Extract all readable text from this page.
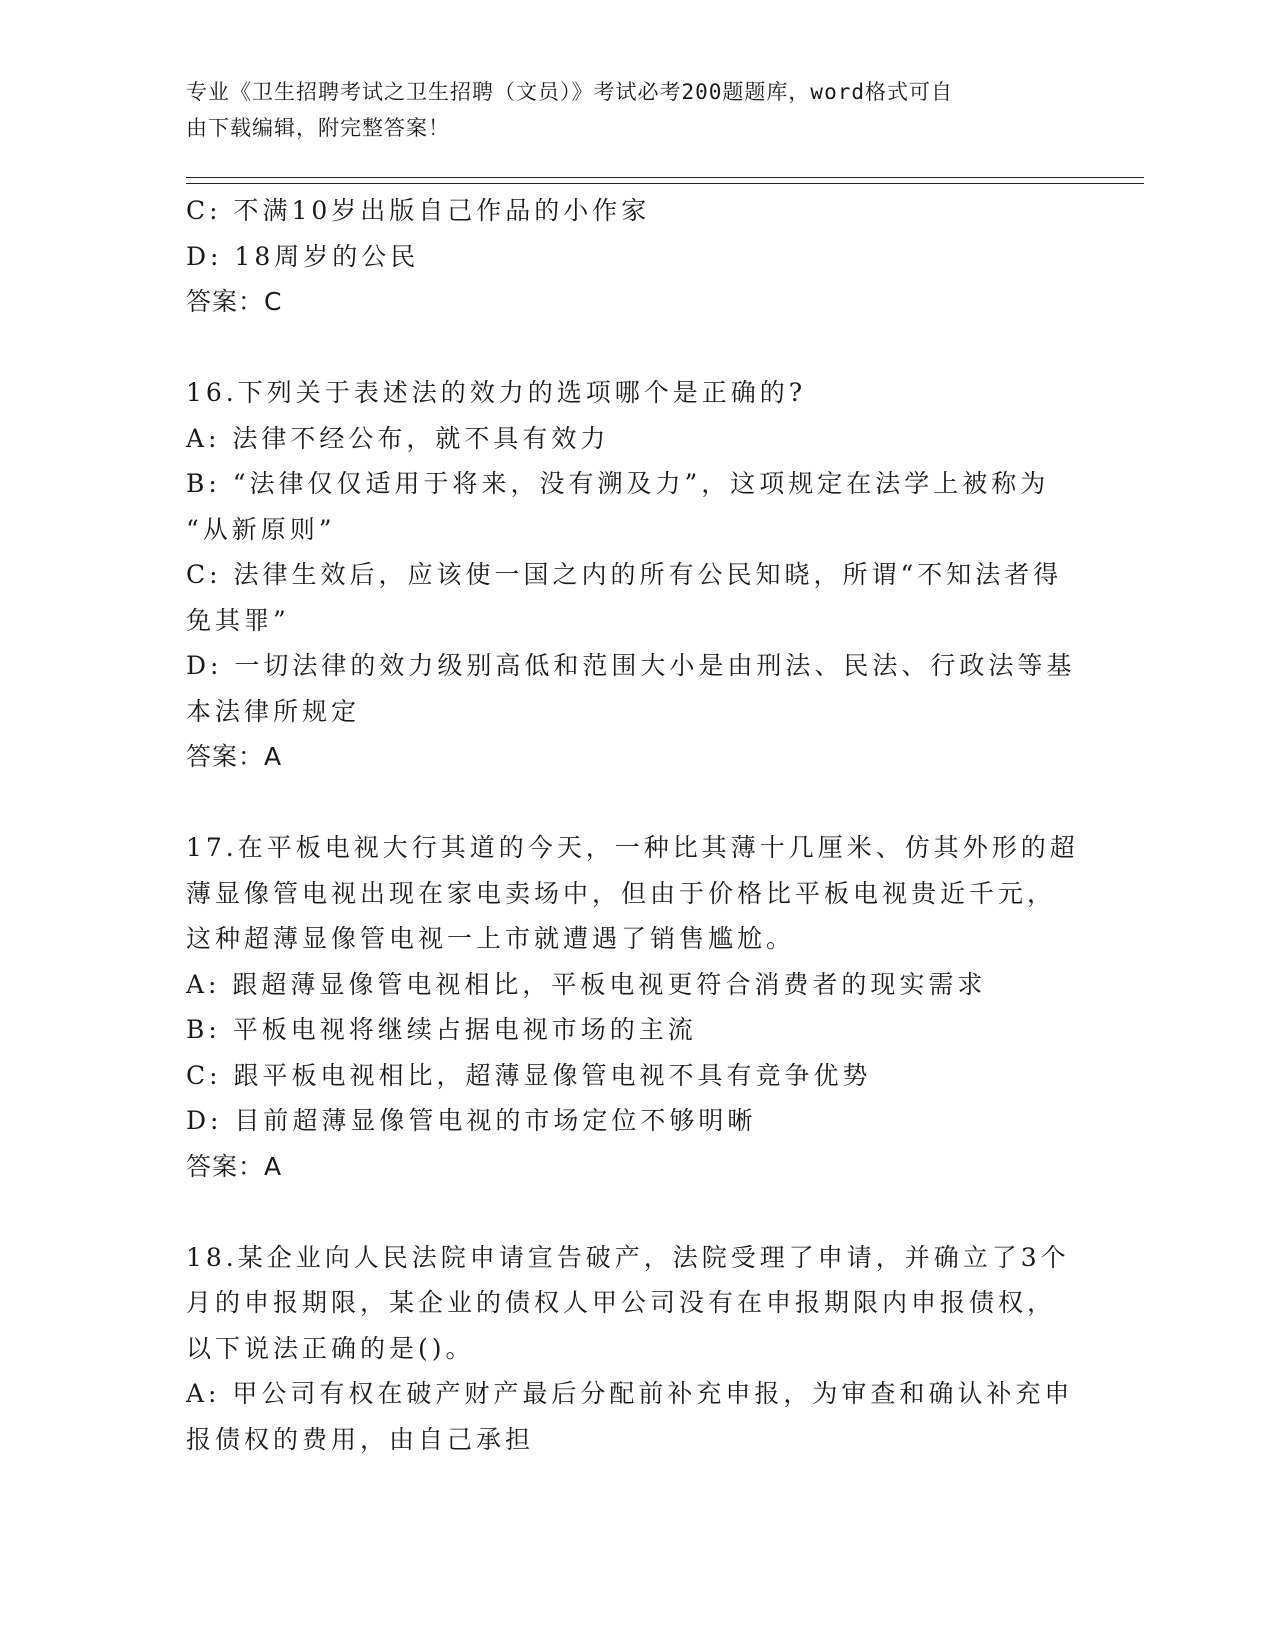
专业《卫生招聘考试之卫生招聘（文员）》考试必考200题题库，word格式可自
由下载编辑，附完整答案！
C: 不满10岁出版自己作品的小作家
D: 18周岁的公民
答案：C
16.下列关于表述法的效力的选项哪个是正确的?
A: 法律不经公布，就不具有效力
B: “法律仅仅适用于将来，没有溯及力”，这项规定在法学上被称为
“从新原则”
C: 法律生效后，应该使一国之内的所有公民知晓，所谓“不知法者得
免其罪”
D: 一切法律的效力级别高低和范围大小是由刑法、民法、行政法等基
本法律所规定
答案：A
17.在平板电视大行其道的今天，一种比其薄十几厘米、仿其外形的超
薄显像管电视出现在家电卖场中，但由于价格比平板电视贵近千元，
这种超薄显像管电视一上市就遭遇了销售尴尬。
A: 跟超薄显像管电视相比，平板电视更符合消费者的现实需求
B: 平板电视将继续占据电视市场的主流
C: 跟平板电视相比，超薄显像管电视不具有竞争优势
D: 目前超薄显像管电视的市场定位不够明晰
答案：A
18.某企业向人民法院申请宣告破产，法院受理了申请，并确立了3个
月的申报期限，某企业的债权人甲公司没有在申报期限内申报债权，
以下说法正确的是()。
A: 甲公司有权在破产财产最后分配前补充申报，为审查和确认补充申
报债权的费用，由自己承担
